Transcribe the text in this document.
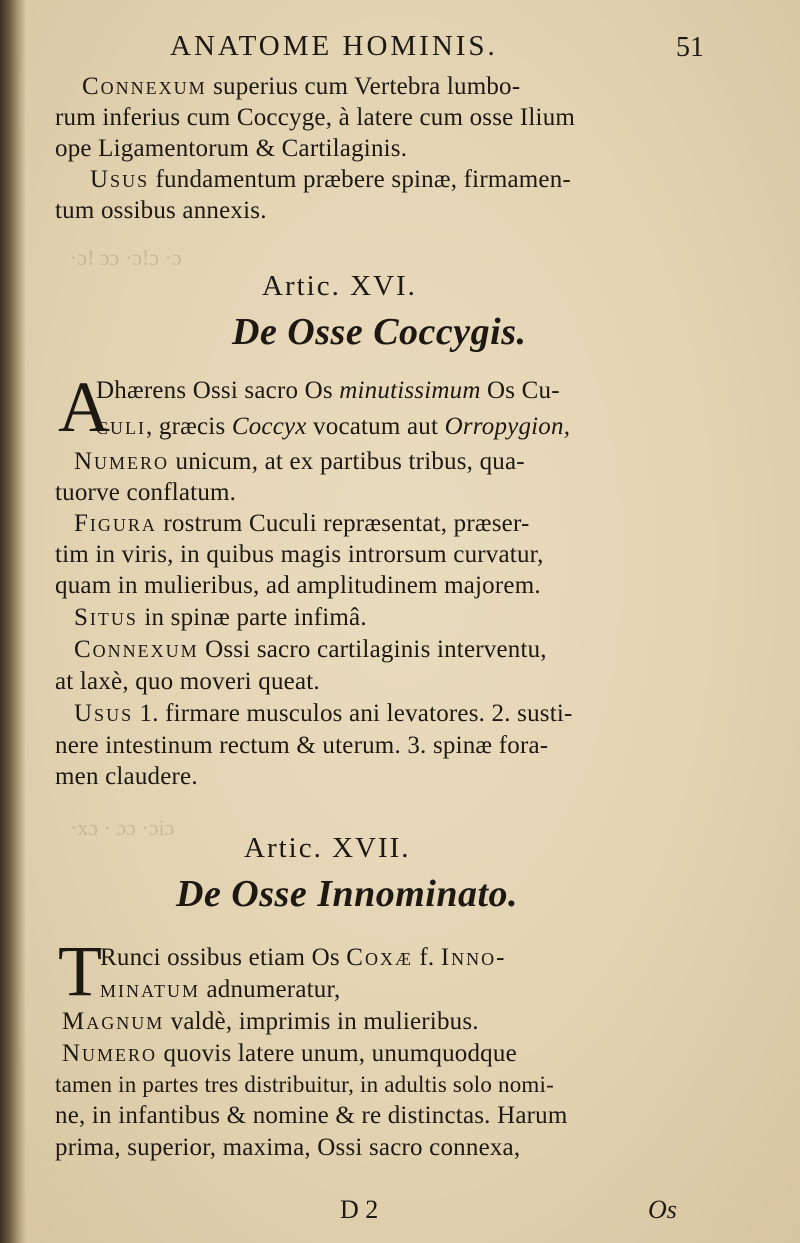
·ɔ! ɔɔ ·ɔ!ɔ ·ɔ
·xɔ · ɔɔ ·ɔiɔ
ANATOME HOMINIS.	51
Connexum superius cum Vertebra lumbo-
rum inferius cum Coccyge, à latere cum osse Ilium
ope Ligamentorum & Cartilaginis.
Usus fundamentum præbere spinæ, firmamen-
tum ossibus annexis.
Artic. XVI.
De Osse Coccygis.
A
Dhærens Ossi sacro Os minutissimum Os Cu-
culi, græcis Coccyx vocatum aut Orropygion,
Numero unicum, at ex partibus tribus, qua-
tuorve conflatum.
Figura rostrum Cuculi repræsentat, præser-
tim in viris, in quibus magis introrsum curvatur,
quam in mulieribus, ad amplitudinem majorem.
Situs in spinæ parte infimâ.
Connexum Ossi sacro cartilaginis interventu,
at laxè, quo moveri queat.
Usus 1. firmare musculos ani levatores. 2. susti-
nere intestinum rectum & uterum. 3. spinæ fora-
men claudere.
Artic. XVII.
De Osse Innominato.
T
Runci ossibus etiam Os Coxæ f. Inno-
minatum adnumeratur,
Magnum valdè, imprimis in mulieribus.
Numero quovis latere unum, unumquodque
tamen in partes tres distribuitur, in adultis solo nomi-
ne, in infantibus & nomine & re distinctas. Harum
prima, superior, maxima, Ossi sacro connexa,
D 2	Os
